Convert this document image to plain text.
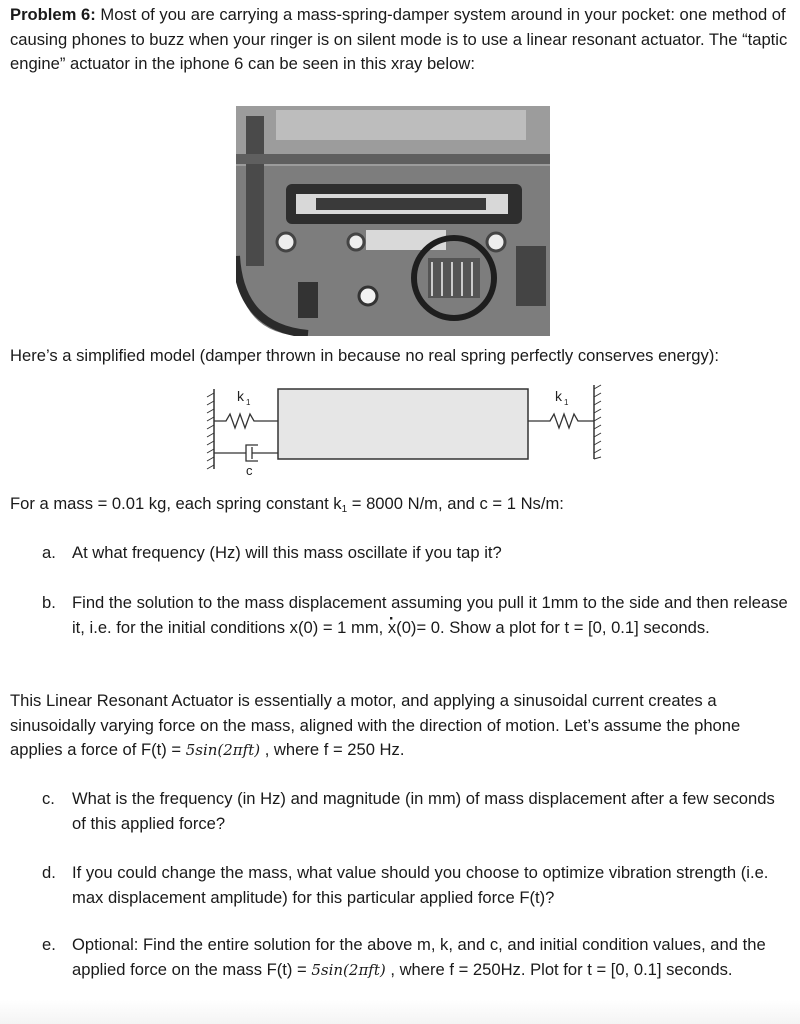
Problem 6: Most of you are carrying a mass-spring-damper system around in your pocket: one method of causing phones to buzz when your ringer is on silent mode is to use a linear resonant actuator. The “taptic engine” actuator in the iphone 6 can be seen in this xray below:
Here’s a simplified model (damper thrown in because no real spring perfectly conserves energy):
k 1	k 1
c
For a mass = 0.01 kg, each spring constant $k_1 = 8000$ N/m, and c = 1 Ns/m:
a. At what frequency (Hz) will this mass oscillate if you tap it?
b. Find the solution to the mass displacement assuming you pull it 1mm to the side and then release it, i.e. for the initial conditions x(0) = 1 mm, · x(0)= 0. Show a plot for t = [0, 0.1] seconds.
This Linear Resonant Actuator is essentially a motor, and applying a sinusoidal current creates a sinusoidally varying force on the mass, aligned with the direction of motion. Let’s assume the phone applies a force of F(t) = 5sin(2πft) , where f = 250 Hz.
c. What is the frequency (in Hz) and magnitude (in mm) of mass displacement after a few seconds of this applied force?
d. If you could change the mass, what value should you choose to optimize vibration strength (i.e. max displacement amplitude) for this particular applied force F(t)?
e. Optional: Find the entire solution for the above m, k, and c, and initial condition values, and the applied force on the mass F(t) = 5sin(2πft) , where f = 250Hz. Plot for t = [0, 0.1] seconds.
